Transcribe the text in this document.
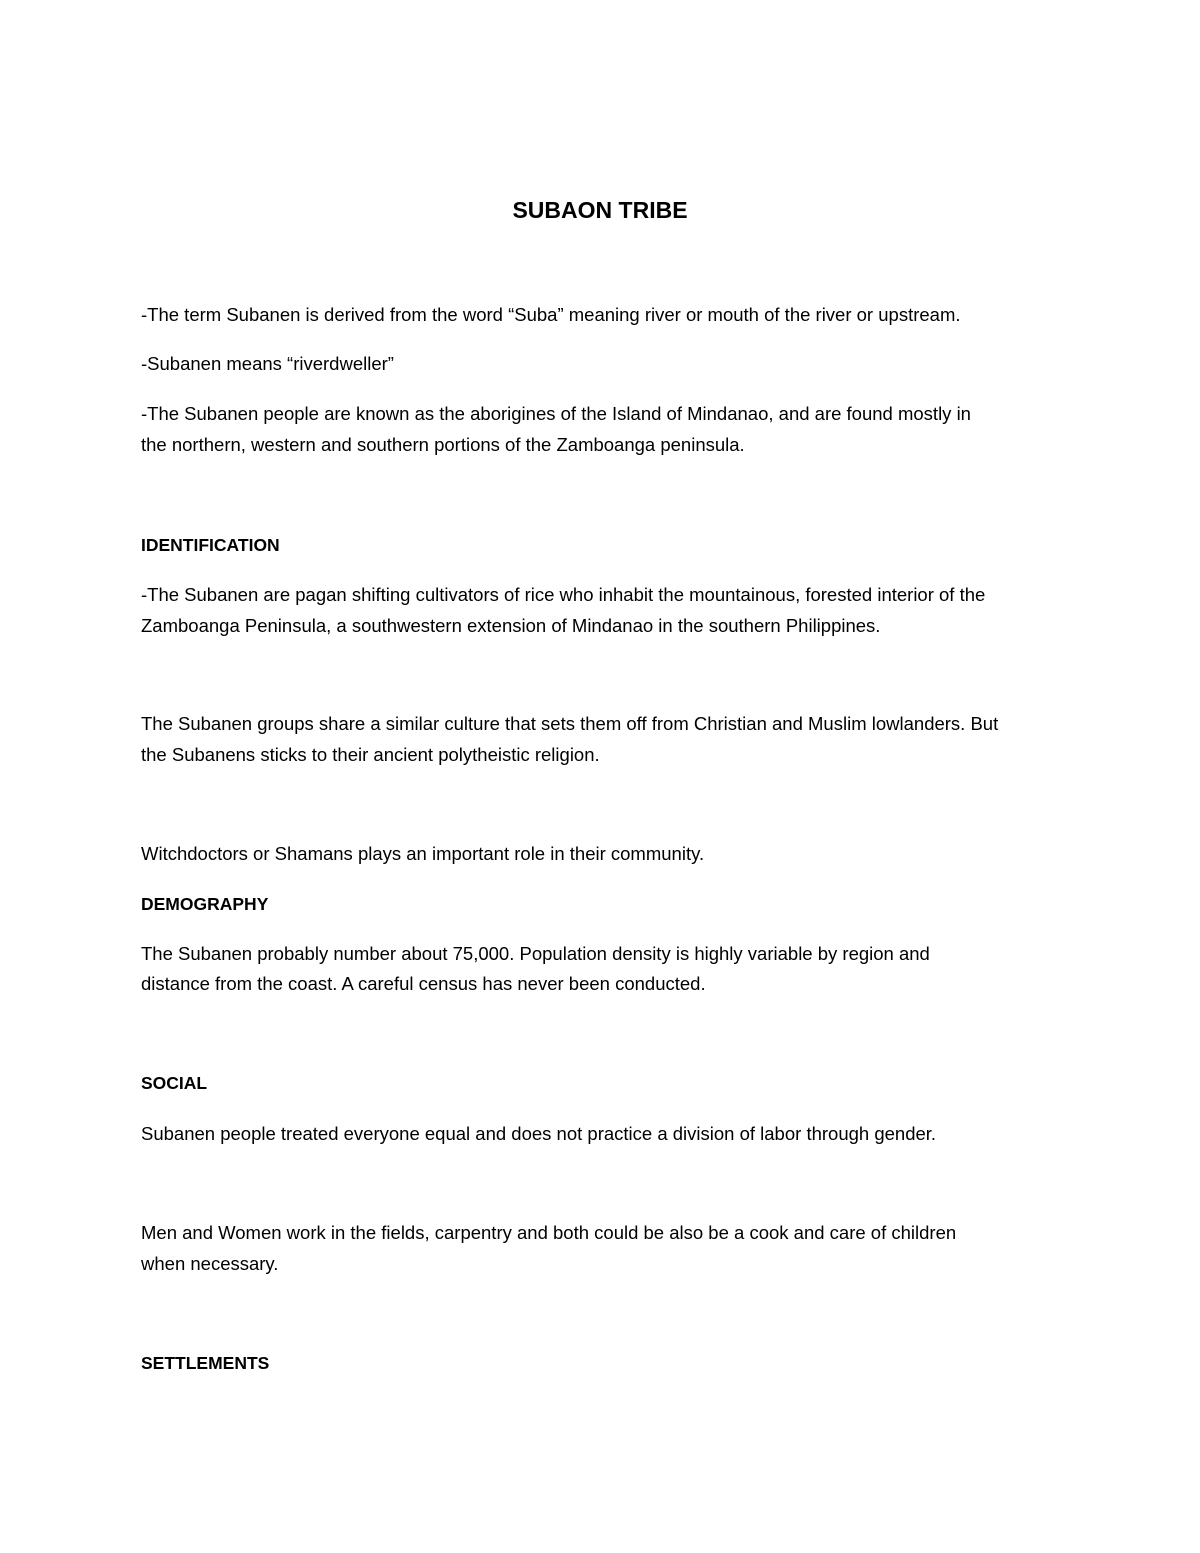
SUBAON TRIBE

-The term Subanen is derived from the word “Suba” meaning river or mouth of the river or upstream.

-Subanen means “riverdweller”

-The Subanen people are known as the aborigines of the Island of Mindanao, and are found mostly in

the northern, western and southern portions of the Zamboanga peninsula.

IDENTIFICATION

-The Subanen are pagan shifting cultivators of rice who inhabit the mountainous, forested interior of the

Zamboanga Peninsula, a southwestern extension of Mindanao in the southern Philippines.

The Subanen groups share a similar culture that sets them off from Christian and Muslim lowlanders. But

the Subanens sticks to their ancient polytheistic religion.

Witchdoctors or Shamans plays an important role in their community.

DEMOGRAPHY

The Subanen probably number about 75,000. Population density is highly variable by region and

distance from the coast. A careful census has never been conducted.

SOCIAL

Subanen people treated everyone equal and does not practice a division of labor through gender.

Men and Women work in the fields, carpentry and both could be also be a cook and care of children

when necessary.

SETTLEMENTS
